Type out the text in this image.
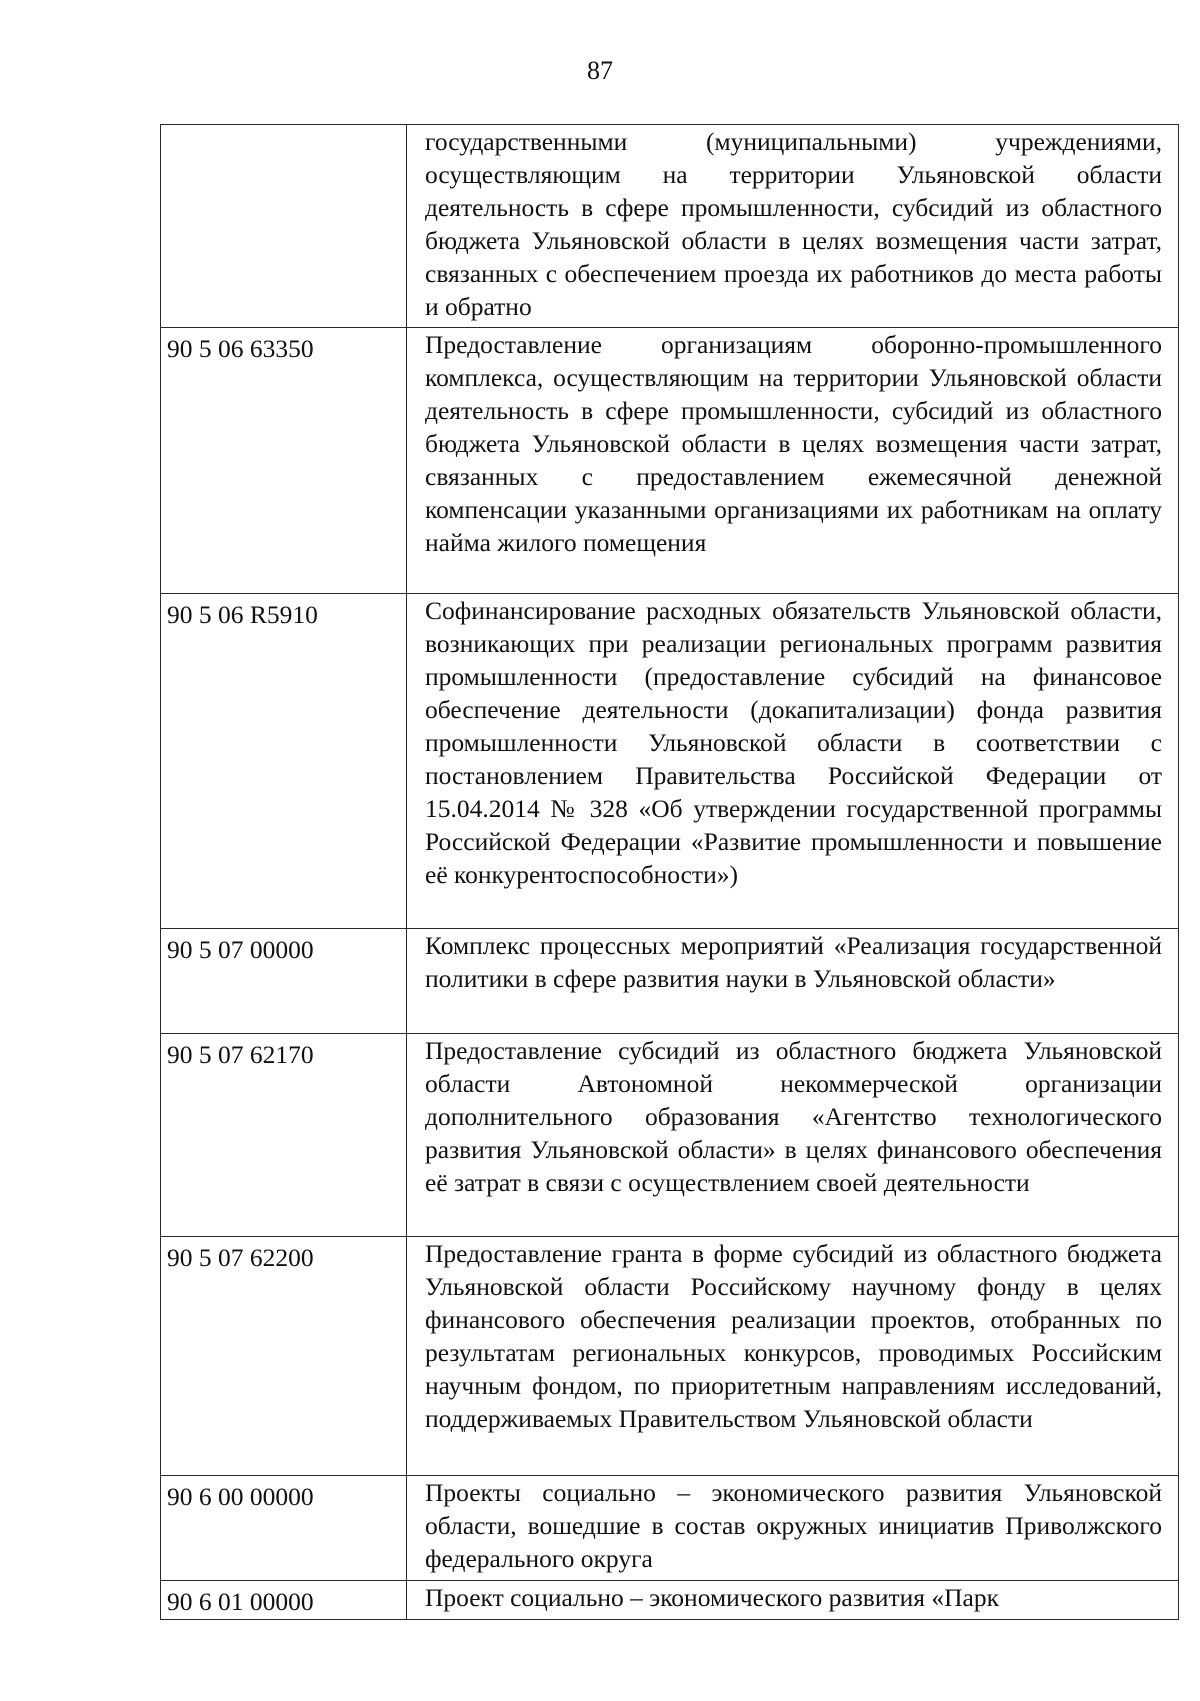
87
	государственными (муниципальными) учреждениями, осуществляющим на территории Ульяновской области деятельность в сфере промышленности, субсидий из областного бюджета Ульяновской области в целях возмещения части затрат, связанных с обеспечением проезда их работников до места работы и обратно
90 5 06 63350	Предоставление организациям оборонно-промышленного комплекса, осуществляющим на территории Ульяновской области деятельность в сфере промышленности, субсидий из областного бюджета Ульяновской области в целях возмещения части затрат, связанных с предоставлением ежемесячной денежной компенсации указанными организациями их работникам на оплату найма жилого помещения
90 5 06 R5910	Софинансирование расходных обязательств Ульяновской области, возникающих при реализации региональных программ развития промышленности (предоставление субсидий на финансовое обеспечение деятельности (докапитализации) фонда развития промышленности Ульяновской области в соответствии с постановлением Правительства Российской Федерации от 15.04.2014 № 328 «Об утверждении государственной программы Российской Федерации «Развитие промышленности и повышение её конкурентоспособности»)
90 5 07 00000	Комплекс процессных мероприятий «Реализация государственной политики в сфере развития науки в Ульяновской области»
90 5 07 62170	Предоставление субсидий из областного бюджета Ульяновской области Автономной некоммерческой организации дополнительного образования «Агентство технологического развития Ульяновской области» в целях финансового обеспечения её затрат в связи с осуществлением своей деятельности
90 5 07 62200	Предоставление гранта в форме субсидий из областного бюджета Ульяновской области Российскому научному фонду в целях финансового обеспечения реализации проектов, отобранных по результатам региональных конкурсов, проводимых Российским научным фондом, по приоритетным направлениям исследований, поддерживаемых Правительством Ульяновской области
90 6 00 00000	Проекты социально – экономического развития Ульяновской области, вошедшие в состав окружных инициатив Приволжского федерального округа
90 6 01 00000	Проект социально – экономического развития «Парк
